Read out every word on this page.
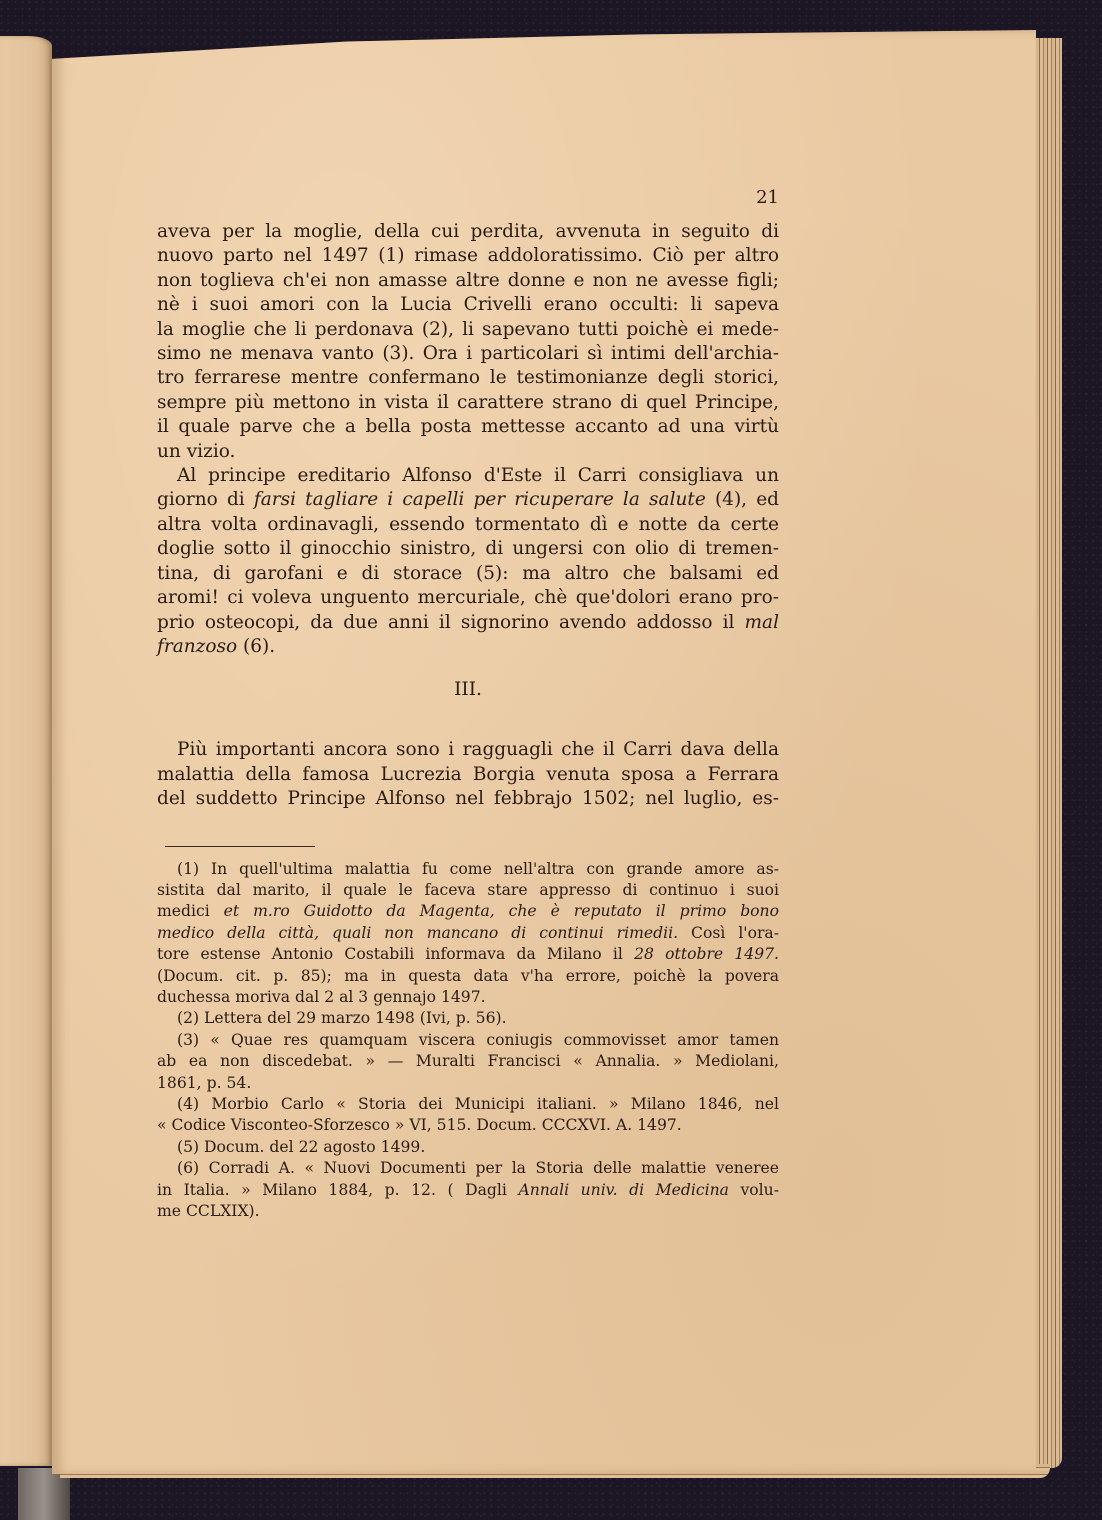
21
aveva per la moglie, della cui perdita, avvenuta in seguito di
nuovo parto nel 1497 (1) rimase addoloratissimo. Ciò per altro
non toglieva ch'ei non amasse altre donne e non ne avesse figli;
nè i suoi amori con la Lucia Crivelli erano occulti: li sapeva
la moglie che li perdonava (2), li sapevano tutti poichè ei mede-
simo ne menava vanto (3). Ora i particolari sì intimi dell'archia-
tro ferrarese mentre confermano le testimonianze degli storici,
sempre più mettono in vista il carattere strano di quel Principe,
il quale parve che a bella posta mettesse accanto ad una virtù
un vizio.
Al principe ereditario Alfonso d'Este il Carri consigliava un
giorno di farsi tagliare i capelli per ricuperare la salute (4), ed
altra volta ordinavagli, essendo tormentato dì e notte da certe
doglie sotto il ginocchio sinistro, di ungersi con olio di tremen-
tina, di garofani e di storace (5): ma altro che balsami ed
aromi! ci voleva unguento mercuriale, chè que'dolori erano pro-
prio osteocopi, da due anni il signorino avendo addosso il mal
franzoso (6).
III.
Più importanti ancora sono i ragguagli che il Carri dava della
malattia della famosa Lucrezia Borgia venuta sposa a Ferrara
del suddetto Principe Alfonso nel febbrajo 1502; nel luglio, es-
(1) In quell'ultima malattia fu come nell'altra con grande amore as-
sistita dal marito, il quale le faceva stare appresso di continuo i suoi
medici et m.ro Guidotto da Magenta, che è reputato il primo bono
medico della città, quali non mancano di continui rimedii. Così l'ora-
tore estense Antonio Costabili informava da Milano il 28 ottobre 1497.
(Docum. cit. p. 85); ma in questa data v'ha errore, poichè la povera
duchessa moriva dal 2 al 3 gennajo 1497.
(2) Lettera del 29 marzo 1498 (Ivi, p. 56).
(3) « Quae res quamquam viscera coniugis commovisset amor tamen
ab ea non discedebat. » — Muralti Francisci « Annalia. » Mediolani,
1861, p. 54.
(4) Morbio Carlo « Storia dei Municipi italiani. » Milano 1846, nel
« Codice Visconteo-Sforzesco » VI, 515. Docum. CCCXVI. A. 1497.
(5) Docum. del 22 agosto 1499.
(6) Corradi A. « Nuovi Documenti per la Storia delle malattie veneree
in Italia. » Milano 1884, p. 12. ( Dagli Annali univ. di Medicina volu-
me CCLXIX).
